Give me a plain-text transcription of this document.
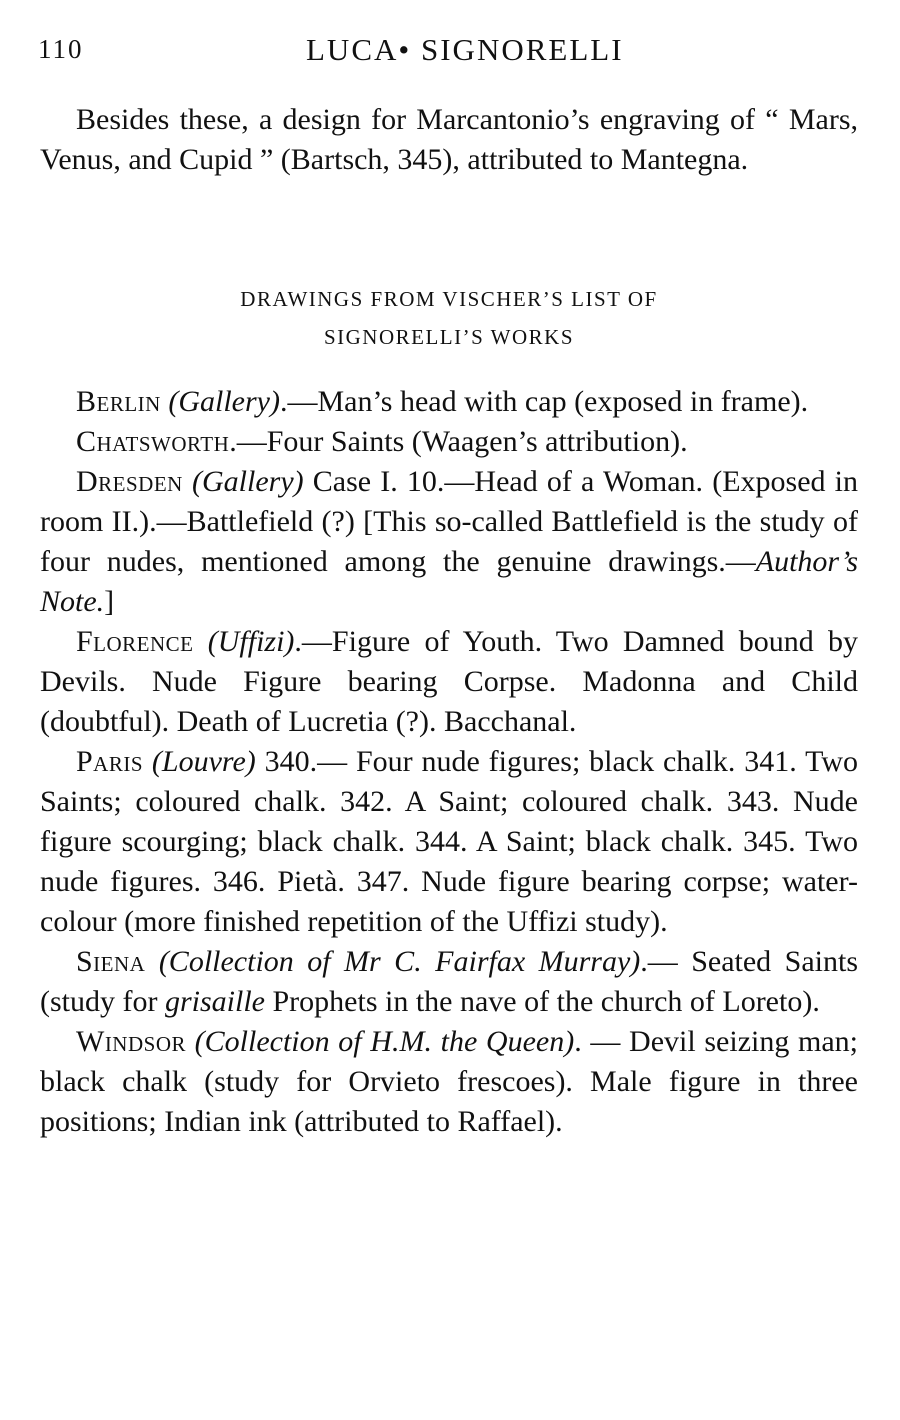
110	LUCA• SIGNORELLI

Besides these, a design for Marcantonio’s engraving of “ Mars, Venus, and Cupid ” (Bartsch, 345), attributed to Mantegna.

DRAWINGS FROM VISCHER’S LIST OF
SIGNORELLI’S WORKS

Berlin (Gallery).—Man’s head with cap (exposed in frame).

Chatsworth.—Four Saints (Waagen’s attribution).

Dresden (Gallery) Case I. 10.—Head of a Woman. (Exposed in room II.).—Battlefield (?) [This so-called Battlefield is the study of four nudes, mentioned among the genuine drawings.—Author’s Note.]

Florence (Uffizi).—Figure of Youth. Two Damned bound by Devils. Nude Figure bearing Corpse. Madonna and Child (doubtful). Death of Lucretia (?). Bacchanal.

Paris (Louvre) 340.— Four nude figures; black chalk. 341. Two Saints; coloured chalk. 342. A Saint; coloured chalk. 343. Nude figure scourging; black chalk. 344. A Saint; black chalk. 345. Two nude figures. 346. Pietà. 347. Nude figure bearing corpse; water-colour (more finished repetition of the Uffizi study).

Siena (Collection of Mr C. Fairfax Murray).— Seated Saints (study for grisaille Prophets in the nave of the church of Loreto).

Windsor (Collection of H.M. the Queen). — Devil seizing man; black chalk (study for Orvieto frescoes). Male figure in three positions; Indian ink (attributed to Raffael).
